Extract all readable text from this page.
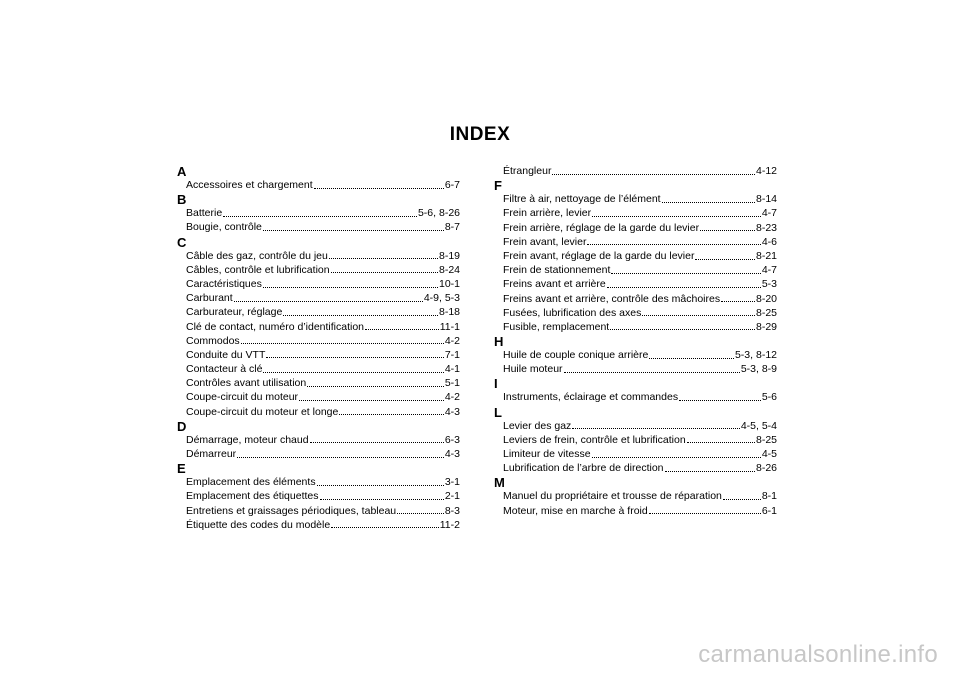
INDEX
A
Accessoires et chargement	6-7
B
Batterie	5-6, 8-26
Bougie, contrôle	8-7
C
Câble des gaz, contrôle du jeu	8-19
Câbles, contrôle et lubrification	8-24
Caractéristiques	10-1
Carburant	4-9, 5-3
Carburateur, réglage	8-18
Clé de contact, numéro d’identification	11-1
Commodos	4-2
Conduite du VTT	7-1
Contacteur à clé	4-1
Contrôles avant utilisation	5-1
Coupe-circuit du moteur	4-2
Coupe-circuit du moteur et longe	4-3
D
Démarrage, moteur chaud	6-3
Démarreur	4-3
E
Emplacement des éléments	3-1
Emplacement des étiquettes	2-1
Entretiens et graissages périodiques, tableau	8-3
Étiquette des codes du modèle	11-2
Étrangleur	4-12
F
Filtre à air, nettoyage de l’élément	8-14
Frein arrière, levier	4-7
Frein arrière, réglage de la garde du levier	8-23
Frein avant, levier	4-6
Frein avant, réglage de la garde du levier	8-21
Frein de stationnement	4-7
Freins avant et arrière	5-3
Freins avant et arrière, contrôle des mâchoires	8-20
Fusées, lubrification des axes	8-25
Fusible, remplacement	8-29
H
Huile de couple conique arrière	5-3, 8-12
Huile moteur	5-3, 8-9
I
Instruments, éclairage et commandes	5-6
L
Levier des gaz	4-5, 5-4
Leviers de frein, contrôle et lubrification	8-25
Limiteur de vitesse	4-5
Lubrification de l’arbre de direction	8-26
M
Manuel du propriétaire et trousse de réparation	8-1
Moteur, mise en marche à froid	6-1
carmanualsonline.info
